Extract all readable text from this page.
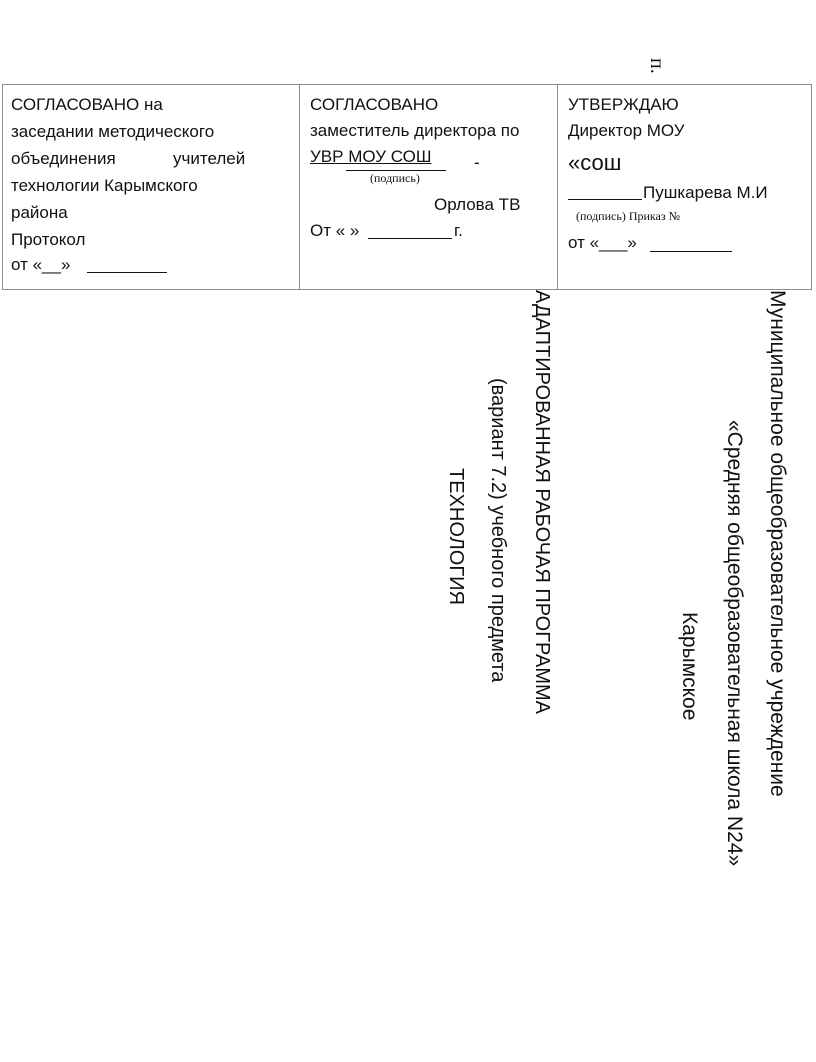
п.
СОГЛАСОВАНО на
заседании методического
объединения	учителей
технологии Карымского
района
Протокол
от «__»
СОГЛАСОВАНО
заместитель директора по
УВР МОУ СОШ	-
(подпись)
Орлова ТВ
От « »	г.
УТВЕРЖДАЮ
Директор МОУ
«сош
Пушкарева М.И
(подпись) Приказ №
от «___»
Муниципальное общеобразовательное учреждение
«Средняя общеобразовательная школа N24»
Карымское
АДАПТИРОВАННАЯ РАБОЧАЯ ПРОГРАММА
(вариант 7.2) учебного предмета
ТЕХНОЛОГИЯ
